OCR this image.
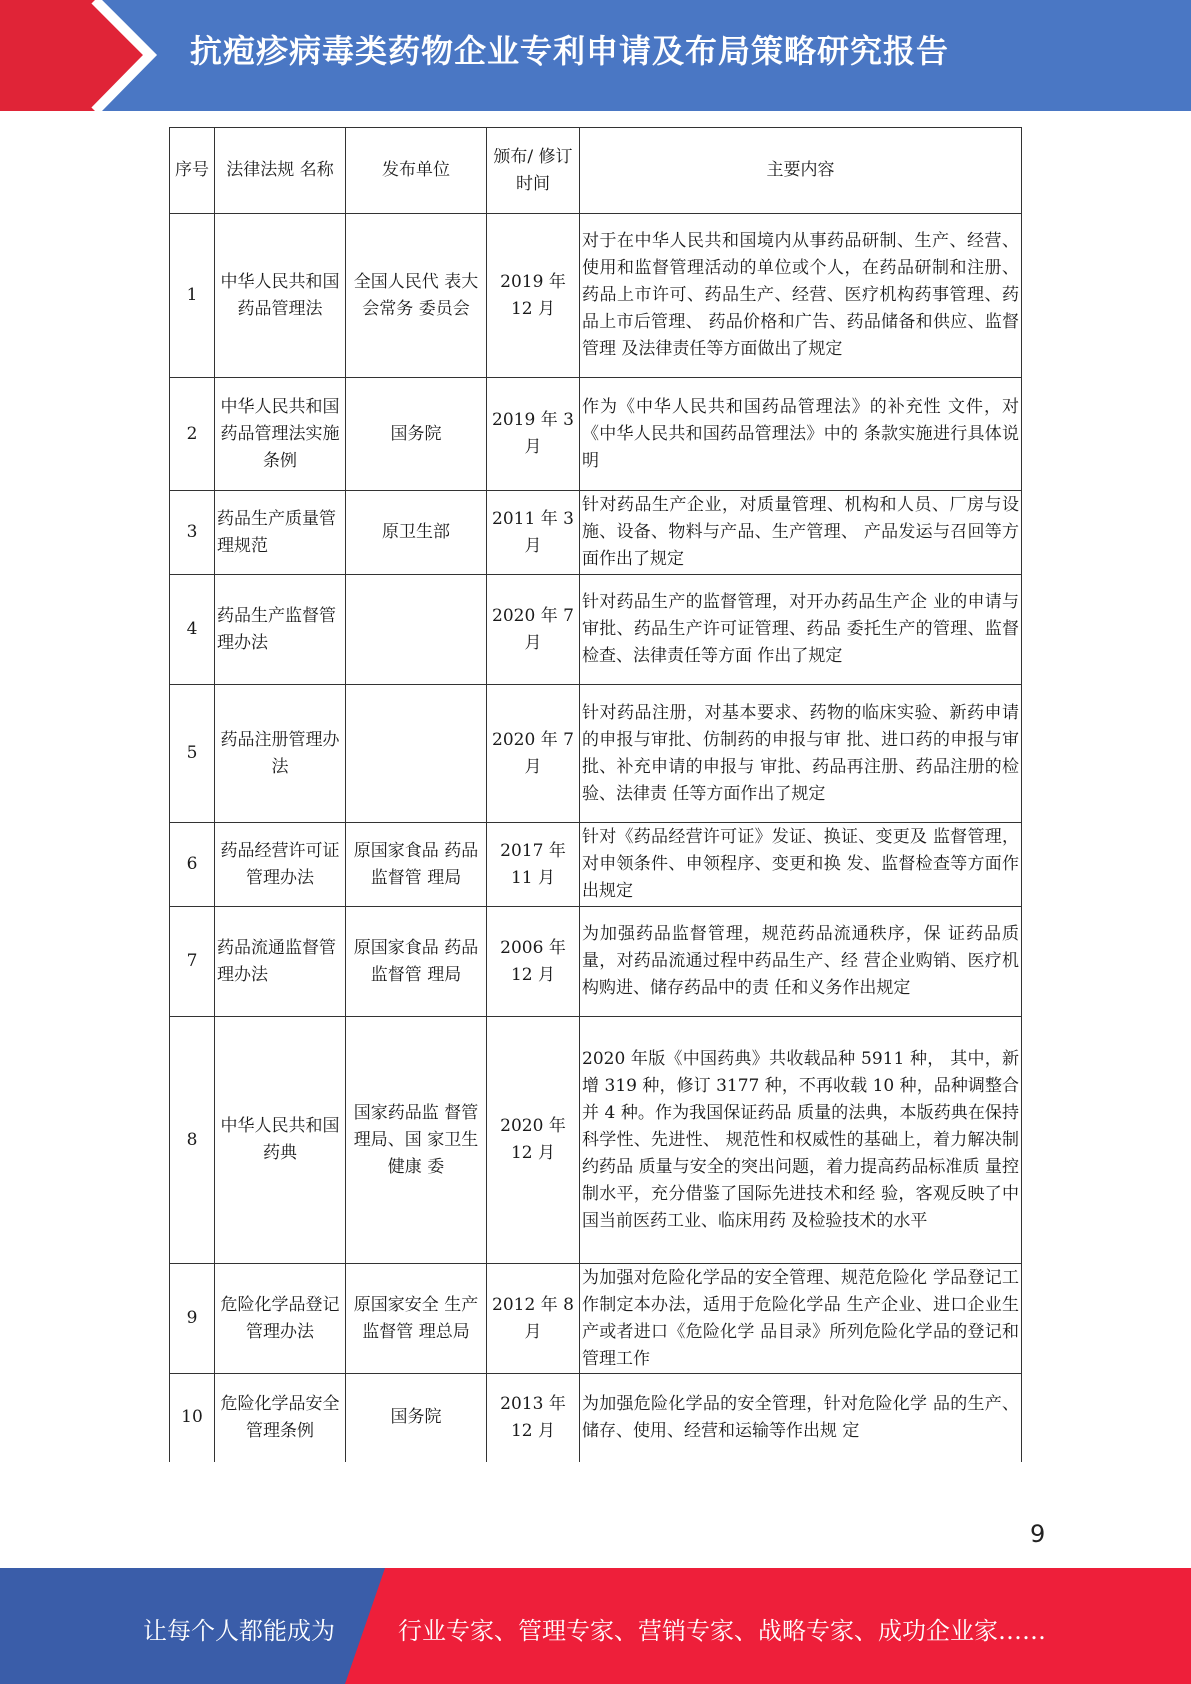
抗疱疹病毒类药物企业专利申请及布局策略研究报告
序号	法律法规 名称	发布单位	颁布/ 修订 时间	主要内容
1	中华人民共和国药品管理法	全国人民代 表大会常务 委员会	2019 年 12 月	对于在中华人民共和国境内从事药品研制、生产、经营、使用和监督管理活动的单位或个人，在药品研制和注册、药品上市许可、药品生产、经营、医疗机构药事管理、药品上市后管理、 药品价格和广告、药品储备和供应、监督管理 及法律责任等方面做出了规定
2	中华人民共和国药品管理法实施条例	国务院	2019 年 3 月	作为《中华人民共和国药品管理法》的补充性 文件，对《中华人民共和国药品管理法》中的 条款实施进行具体说明
3	药品生产质量管理规范	原卫生部	2011 年 3 月	针对药品生产企业，对质量管理、机构和人员、厂房与设施、设备、物料与产品、生产管理、 产品发运与召回等方面作出了规定
4	药品生产监督管理办法		2020 年 7 月	针对药品生产的监督管理，对开办药品生产企 业的申请与审批、药品生产许可证管理、药品 委托生产的管理、监督检查、法律责任等方面 作出了规定
5	药品注册管理办法		2020 年 7 月	针对药品注册，对基本要求、药物的临床实验、新药申请的申报与审批、仿制药的申报与审 批、进口药的申报与审批、补充申请的申报与 审批、药品再注册、药品注册的检验、法律责 任等方面作出了规定
6	药品经营许可证管理办法	原国家食品 药品监督管 理局	2017 年 11 月	针对《药品经营许可证》发证、换证、变更及 监督管理，对申领条件、申领程序、变更和换 发、监督检查等方面作出规定
7	药品流通监督管理办法	原国家食品 药品监督管 理局	2006 年 12 月	为加强药品监督管理，规范药品流通秩序，保 证药品质量，对药品流通过程中药品生产、经 营企业购销、医疗机构购进、储存药品中的责 任和义务作出规定
8	中华人民共和国药典	国家药品监 督管理局、国 家卫生健康 委	2020 年 12 月	2020 年版《中国药典》共收载品种 5911 种， 其中，新增 319 种，修订 3177 种，不再收载 10 种，品种调整合并 4 种。作为我国保证药品 质量的法典，本版药典在保持科学性、先进性、 规范性和权威性的基础上，着力解决制约药品 质量与安全的突出问题，着力提高药品标准质 量控制水平，充分借鉴了国际先进技术和经 验，客观反映了中国当前医药工业、临床用药 及检验技术的水平
9	危险化学品登记管理办法	原国家安全 生产监督管 理总局	2012 年 8 月	为加强对危险化学品的安全管理、规范危险化 学品登记工作制定本办法，适用于危险化学品 生产企业、进口企业生产或者进口《危险化学 品目录》所列危险化学品的登记和管理工作
10	危险化学品安全管理条例	国务院	2013 年 12 月	为加强危险化学品的安全管理，针对危险化学 品的生产、储存、使用、经营和运输等作出规 定
9
让每个人都能成为	行业专家、管理专家、营销专家、战略专家、成功企业家……
